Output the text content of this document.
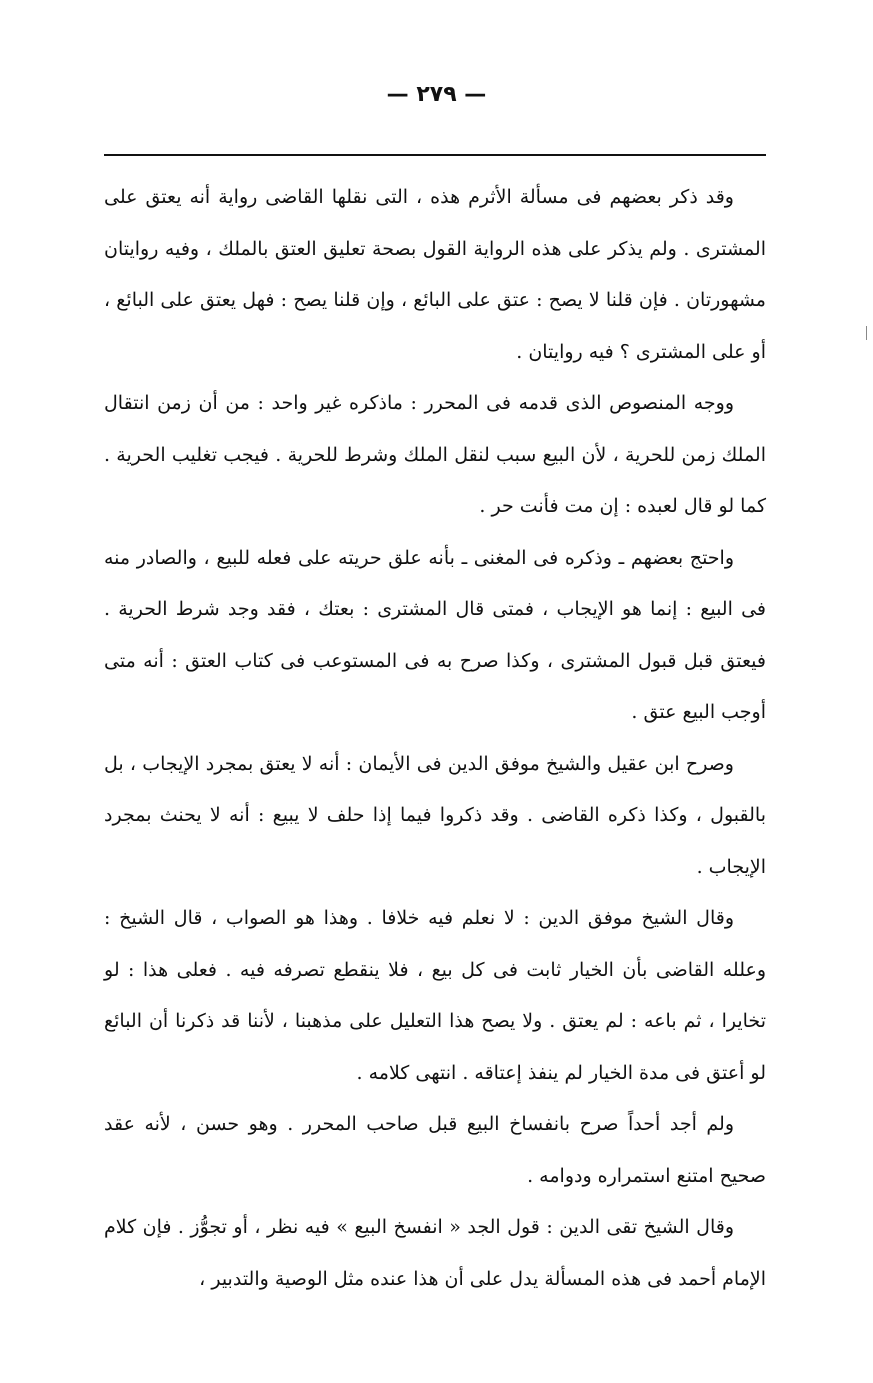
— ٢٧٩ —

وقد ذكر بعضهم فى مسألة الأثرم هذه ، التى نقلها القاضى رواية أنه يعتق على المشترى . ولم يذكر على هذه الرواية القول بصحة تعليق العتق بالملك ، وفيه روايتان مشهورتان . فإن قلنا لا يصح : عتق على البائع ، وإن قلنا يصح : فهل يعتق على البائع ، أو على المشترى ؟ فيه روايتان .

ووجه المنصوص الذى قدمه فى المحرر : ماذكره غير واحد : من أن زمن انتقال الملك زمن للحرية ، لأن البيع سبب لنقل الملك وشرط للحرية . فيجب تغليب الحرية . كما لو قال لعبده : إن مت فأنت حر .

واحتج بعضهم ـ وذكره فى المغنى ـ بأنه علق حريته على فعله للبيع ، والصادر منه فى البيع : إنما هو الإيجاب ، فمتى قال المشترى : بعتك ، فقد وجد شرط الحرية . فيعتق قبل قبول المشترى ، وكذا صرح به فى المستوعب فى كتاب العتق : أنه متى أوجب البيع عتق .

وصرح ابن عقيل والشيخ موفق الدين فى الأيمان : أنه لا يعتق بمجرد الإيجاب ، بل بالقبول ، وكذا ذكره القاضى . وقد ذكروا فيما إذا حلف لا يبيع : أنه لا يحنث بمجرد الإيجاب .

وقال الشيخ موفق الدين : لا نعلم فيه خلافا . وهذا هو الصواب ، قال الشيخ : وعلله القاضى بأن الخيار ثابت فى كل بيع ، فلا ينقطع تصرفه فيه . فعلى هذا : لو تخايرا ، ثم باعه : لم يعتق . ولا يصح هذا التعليل على مذهبنا ، لأننا قد ذكرنا أن البائع لو أعتق فى مدة الخيار لم ينفذ إعتاقه . انتهى كلامه .

ولم أجد أحداً صرح بانفساخ البيع قبل صاحب المحرر . وهو حسن ، لأنه عقد صحيح امتنع استمراره ودوامه .

وقال الشيخ تقى الدين : قول الجد « انفسخ البيع » فيه نظر ، أو تجوُّز . فإن كلام الإمام أحمد فى هذه المسألة يدل على أن هذا عنده مثل الوصية والتدبير ،
